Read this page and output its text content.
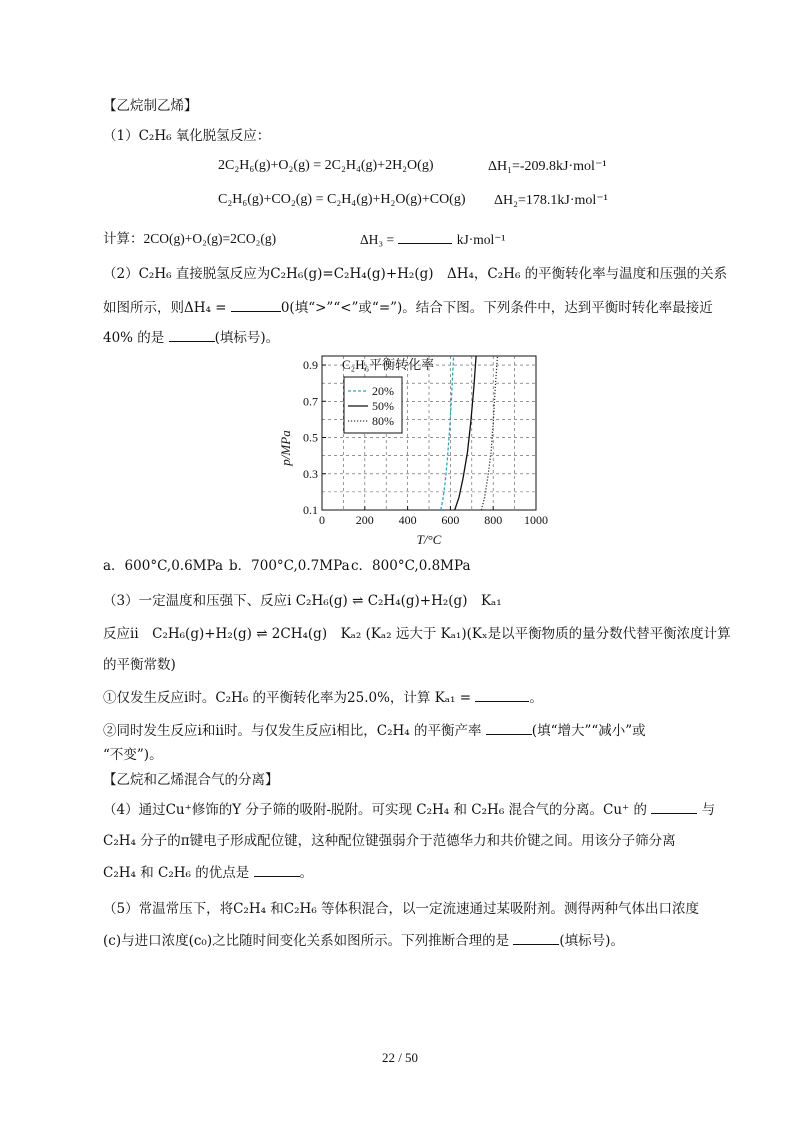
【乙烷制乙烯】
（1）C₂H₆ 氧化脱氢反应：
2C₂H₆(g)+O₂(g) = 2C₂H₄(g)+2H₂O(g)	ΔH₁=-209.8kJ·mol⁻¹
C₂H₆(g)+CO₂(g) = C₂H₄(g)+H₂O(g)+CO(g) ΔH₂=178.1kJ·mol⁻¹
计算：2CO(g)+O₂(g)=2CO₂(g)	ΔH₃ =	kJ·mol⁻¹
（2）C₂H₆ 直接脱氢反应为C₂H₆(g)=C₂H₄(g)+H₂(g)　ΔH₄，C₂H₆ 的平衡转化率与温度和压强的关系
如图所示，则ΔH₄ =	0(填“>”“<”或“=”)。结合下图。下列条件中，达到平衡时转化率最接近
40% 的是	(填标号)。
0	200 400 600 800 1000
0.1
0.3
0.5
0.7
0.9
p/MPa
T/°C
C₂H₆平衡转化率
20%
50%
80%
a．600°C,0.6MPa b．700°C,0.7MPa c．800°C,0.8MPa
（3）一定温度和压强下、反应ⅰ C₂H₆(g) ⇌ C₂H₄(g)+H₂(g)　Kₐ₁
反应ⅱ　C₂H₆(g)+H₂(g) ⇌ 2CH₄(g)　Kₐ₂ (Kₐ₂ 远大于 Kₐ₁)(Kₓ是以平衡物质的量分数代替平衡浓度计算
的平衡常数)
①仅发生反应ⅰ时。C₂H₆ 的平衡转化率为25.0%，计算 Kₐ₁ =	。
②同时发生反应ⅰ和ⅱ时。与仅发生反应ⅰ相比，C₂H₄ 的平衡产率	(填“增大”“减小”或
“不变”)。
【乙烷和乙烯混合气的分离】
（4）通过Cu⁺修饰的Y 分子筛的吸附-脱附。可实现 C₂H₄ 和 C₂H₆ 混合气的分离。Cu⁺ 的	与
C₂H₄ 分子的π键电子形成配位键，这种配位键强弱介于范德华力和共价键之间。用该分子筛分离
C₂H₄ 和 C₂H₆ 的优点是	。
（5）常温常压下，将C₂H₄ 和C₂H₆ 等体积混合，以一定流速通过某吸附剂。测得两种气体出口浓度
(c)与进口浓度(c₀)之比随时间变化关系如图所示。下列推断合理的是	(填标号)。
22 / 50
